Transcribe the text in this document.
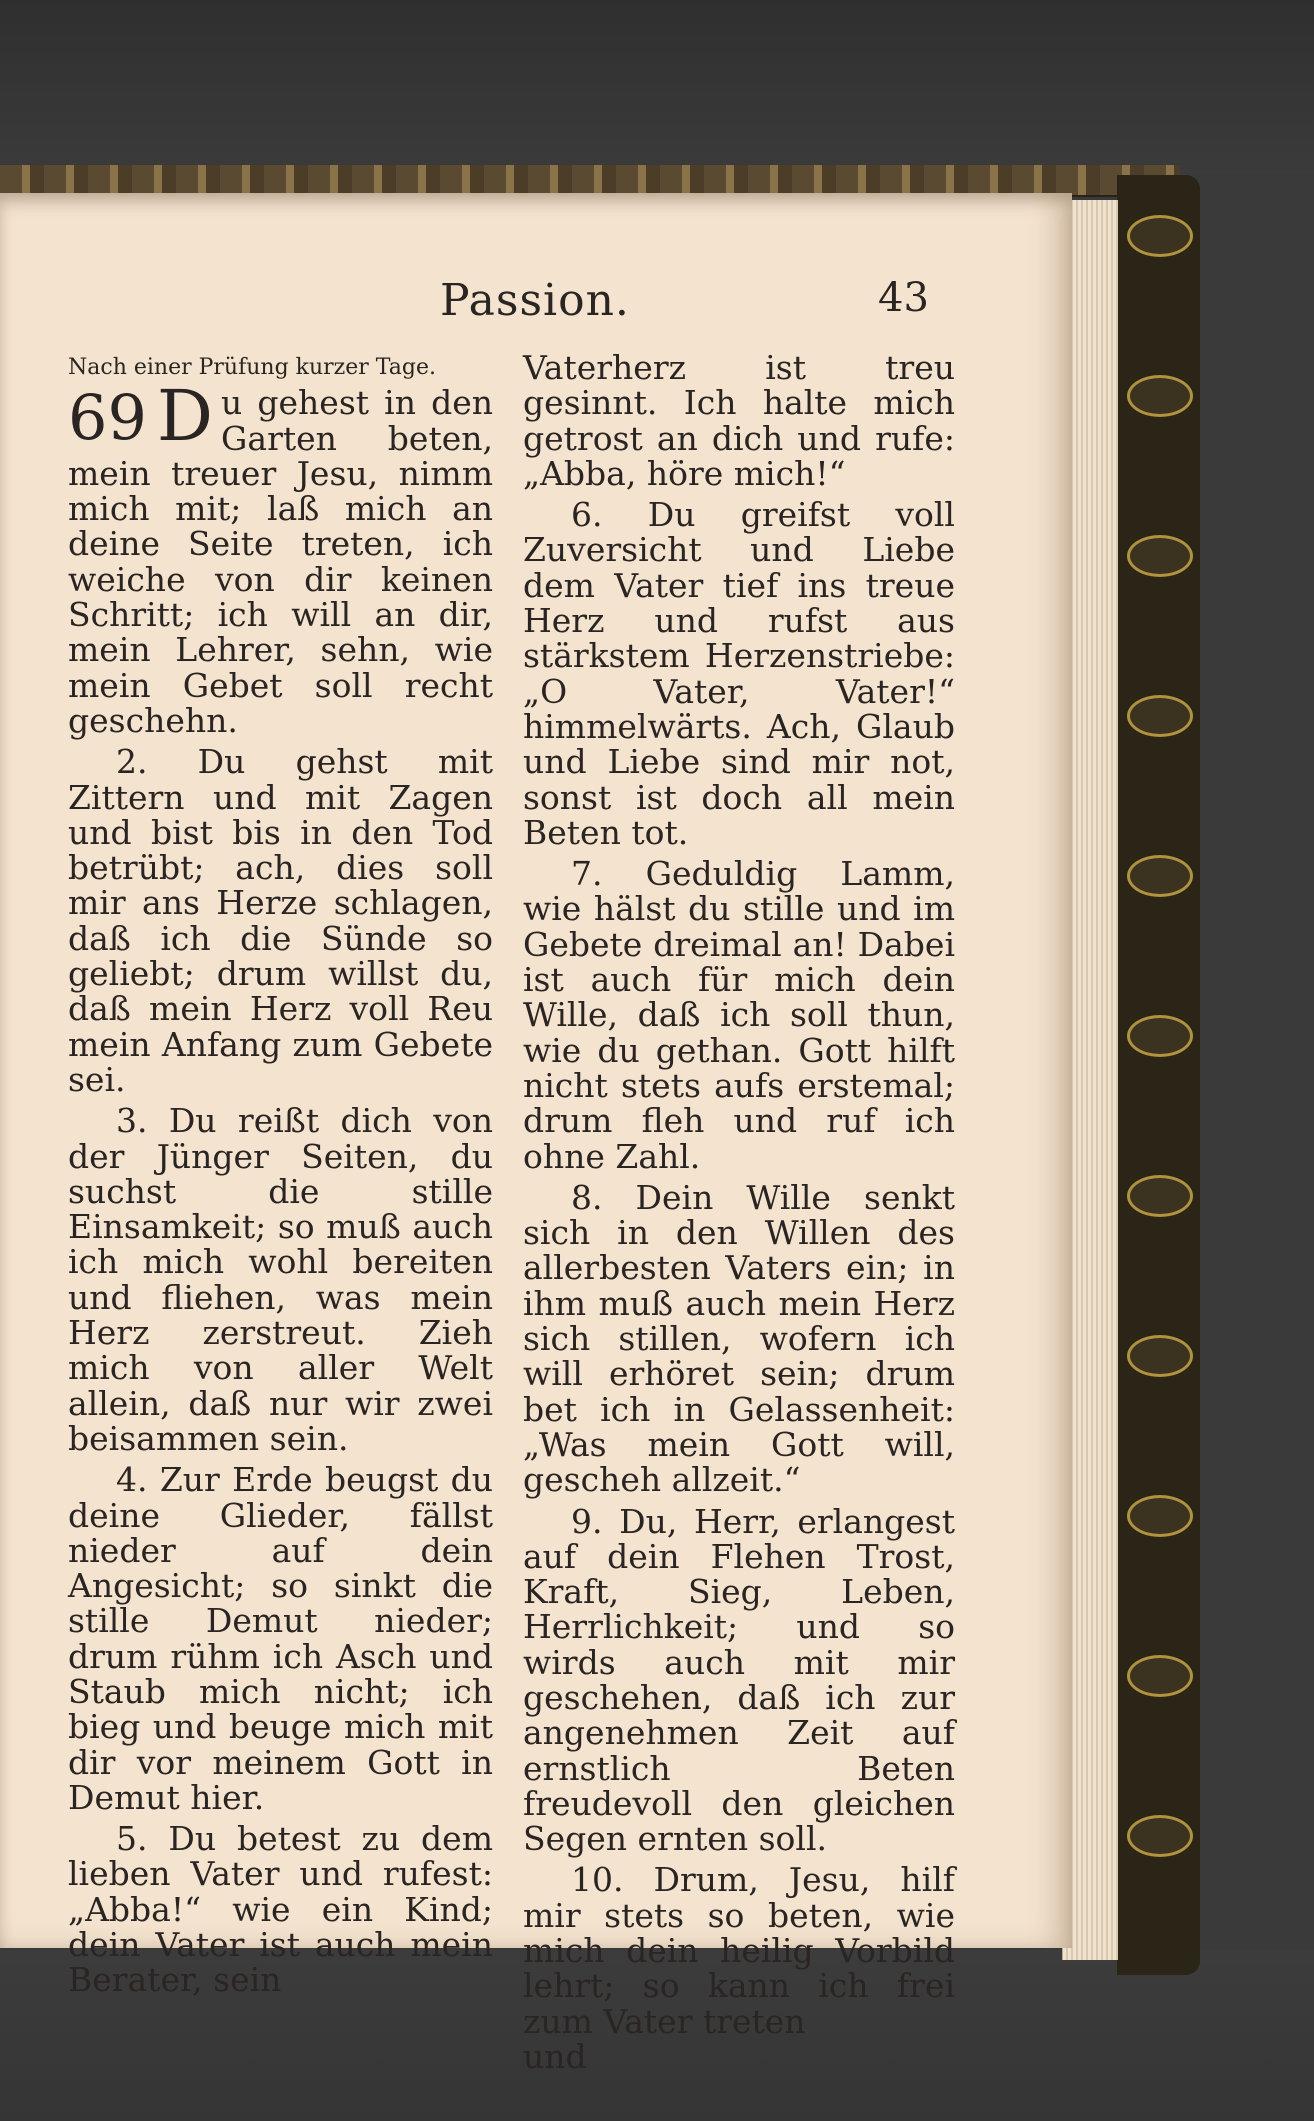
Passion.	43

Nach einer Prüfung kurzer Tage.

69 D u gehest in den Garten beten, mein treuer Jesu, nimm mich mit; laß mich an deine Seite treten, ich weiche von dir keinen Schritt; ich will an dir, mein Lehrer, sehn, wie mein Gebet soll recht geschehn.

2. Du gehst mit Zittern und mit Zagen und bist bis in den Tod betrübt; ach, dies soll mir ans Herze schlagen, daß ich die Sünde so geliebt; drum willst du, daß mein Herz voll Reu mein Anfang zum Gebete sei.

3. Du reißt dich von der Jünger Seiten, du suchst die stille Einsamkeit; so muß auch ich mich wohl bereiten und fliehen, was mein Herz zerstreut. Zieh mich von aller Welt allein, daß nur wir zwei beisammen sein.

4. Zur Erde beugst du deine Glieder, fällst nieder auf dein Angesicht; so sinkt die stille Demut nieder; drum rühm ich Asch und Staub mich nicht; ich bieg und beuge mich mit dir vor meinem Gott in Demut hier.

5. Du betest zu dem lieben Vater und rufest: „Abba!“ wie ein Kind; dein Vater ist auch mein Berater, sein

Vaterherz ist treu gesinnt. Ich halte mich getrost an dich und rufe: „Abba, höre mich!“

6. Du greifst voll Zuversicht und Liebe dem Vater tief ins treue Herz und rufst aus stärkstem Herzenstriebe: „O Vater, Vater!“ himmelwärts. Ach, Glaub und Liebe sind mir not, sonst ist doch all mein Beten tot.

7. Geduldig Lamm, wie hälst du stille und im Gebete dreimal an! Dabei ist auch für mich dein Wille, daß ich soll thun, wie du gethan. Gott hilft nicht stets aufs erstemal; drum fleh und ruf ich ohne Zahl.

8. Dein Wille senkt sich in den Willen des allerbesten Vaters ein; in ihm muß auch mein Herz sich stillen, wofern ich will erhöret sein; drum bet ich in Gelassenheit: „Was mein Gott will, gescheh allzeit.“

9. Du, Herr, erlangest auf dein Flehen Trost, Kraft, Sieg, Leben, Herrlichkeit; und so wirds auch mit mir geschehen, daß ich zur angenehmen Zeit auf ernstlich Beten freudevoll den gleichen Segen ernten soll.

10. Drum, Jesu, hilf mir stets so beten, wie mich dein heilig Vorbild lehrt; so kann ich frei zum Vater treten

und
